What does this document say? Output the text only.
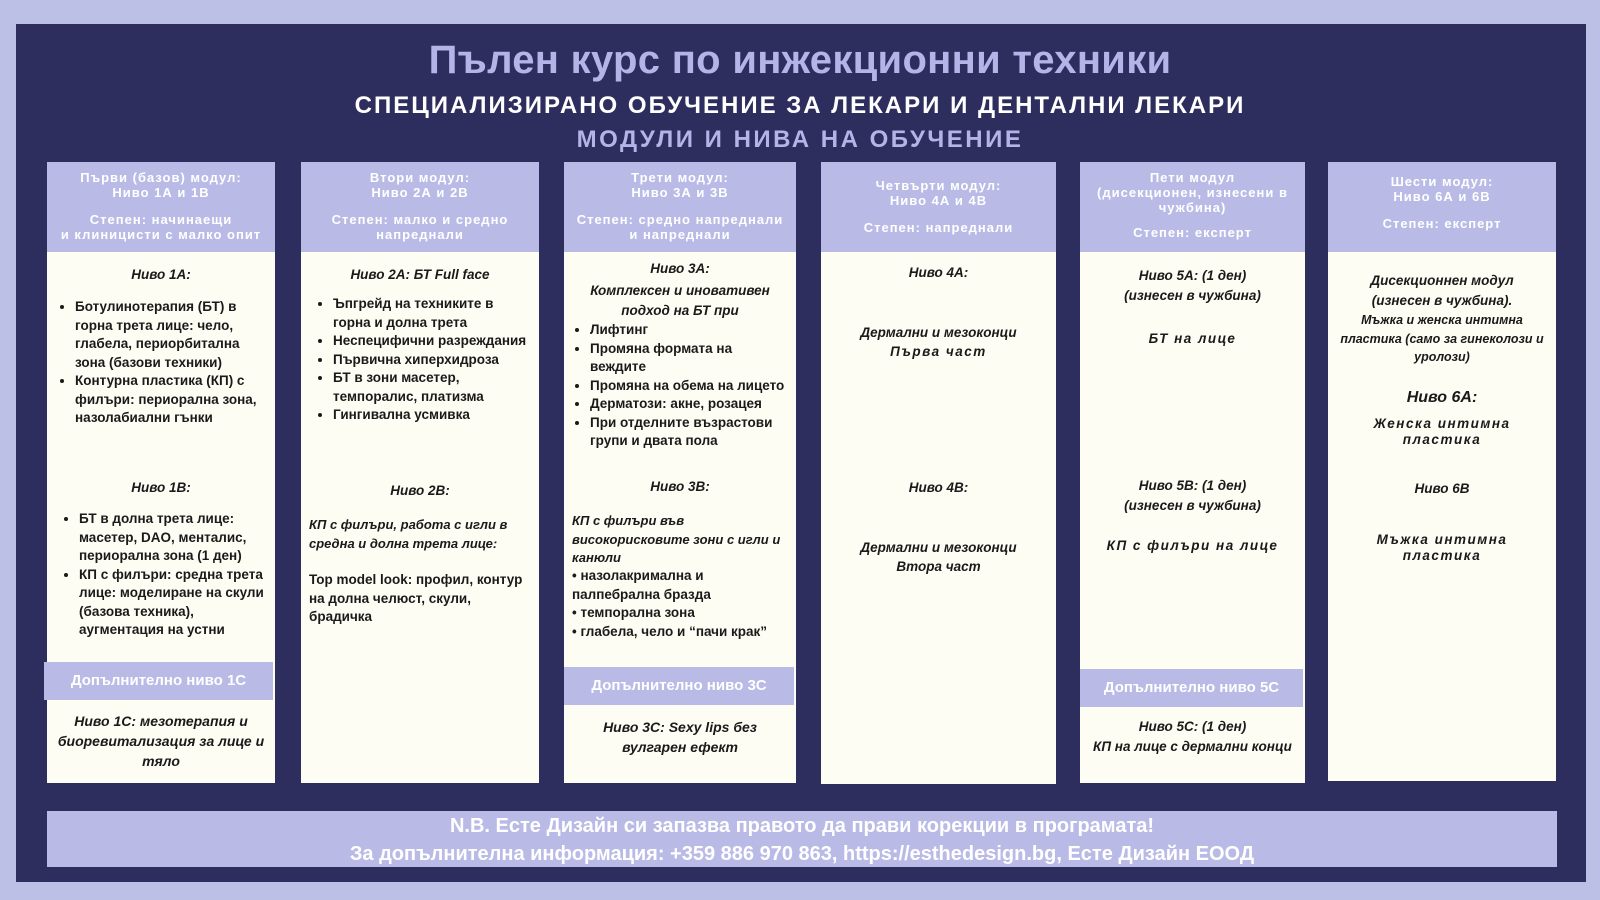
Пълен курс по инжекционни техники
СПЕЦИАЛИЗИРАНО ОБУЧЕНИЕ ЗА ЛЕКАРИ И ДЕНТАЛНИ ЛЕКАРИ
МОДУЛИ И НИВА НА ОБУЧЕНИЕ
Първи (базов) модул:
Ниво 1А и 1В
Степен: начинаещи
и клиницисти с малко опит
Ниво 1А:
• Ботулинотерапия (БТ) в горна трета лице: чело, глабела, периорбитална зона (базови техники)
• Контурна пластика (КП) с филъри: периорална зона, назолабиални гънки
Ниво 1В:
• БТ в долна трета лице: масетер, DAO, менталис, периорална зона (1 ден)
• КП с филъри: средна трета лице: моделиране на скули (базова техника), аугментация на устни
Допълнително ниво 1С
Ниво 1С: мезотерапия и биоревитализация за лице и тяло
Втори модул:
Ниво 2А и 2В
Степен: малко и средно
напреднали
Ниво 2А: БТ Full face
• Ъпгрейд на техниките в горна и долна трета
• Неспецифични разреждания
• Първична хиперхидроза
• БТ в зони масетер, темпоралис, платизма
• Гингивална усмивка
Ниво 2В:
КП с филъри, работа с игли в средна и долна трета лице:
Top model look: профил, контур на долна челюст, скули, брадичка
Трети модул:
Ниво 3А и 3В
Степен: средно напреднали
и напреднали
Ниво 3А:
Комплексен и иновативен подход на БТ при
• Лифтинг
• Промяна формата на веждите
• Промяна на обема на лицето
• Дерматози: акне, розацея
• При отделните възрастови групи и двата пола
Ниво 3В:
КП с филъри във високорисковите зони с игли и канюли
• назолакримална и палпебрална бразда
• темпорална зона
• глабела, чело и “пачи крак”
Допълнително ниво 3С
Ниво 3С: Sexy lips без вулгарен ефект
Четвърти модул:
Ниво 4А и 4В
Степен: напреднали
Ниво 4А:
Дермални и мезоконци
Първа част
Ниво 4В:
Дермални и мезоконци
Втора част
Пети модул
(дисекционен, изнесени в
чужбина)
Степен: експерт
Ниво 5А: (1 ден)
(изнесен в чужбина)
БТ на лице
Ниво 5В: (1 ден)
(изнесен в чужбина)
КП с филъри на лице
Допълнително ниво 5С
Ниво 5С: (1 ден)
КП на лице с дермални конци
Шести модул:
Ниво 6А и 6В
Степен: експерт
Дисекционнен модул
(изнесен в чужбина).
Мъжка и женска интимна пластика (само за гинеколози и уролози)
Ниво 6А:
Женска интимна пластика
Ниво 6В
Мъжка интимна пластика
N.B. Есте Дизайн си запазва правото да прави корекции в програмата!
За допълнителна информация: +359 886 970 863, https://esthedesign.bg, Есте Дизайн ЕООД
